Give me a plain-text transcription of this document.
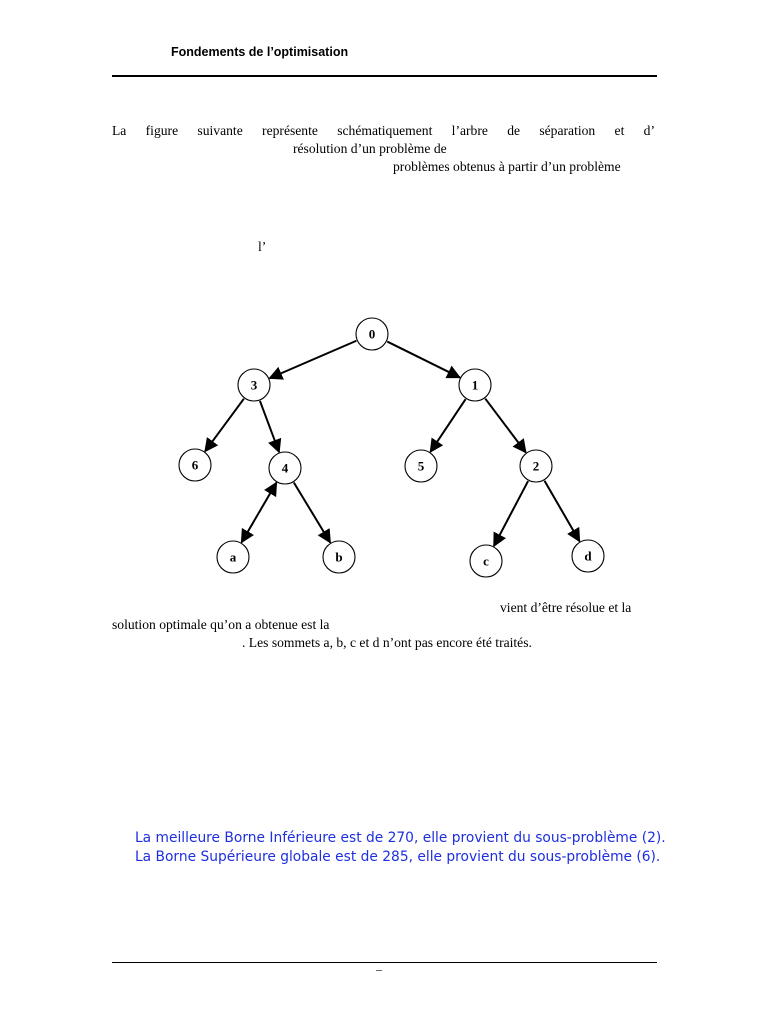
Fondements de l’optimisation
La figure suivante représente schématiquement l’arbre de séparation et d’
résolution d’un problème de
problèmes obtenus à partir d’un problème
l’
0
3	1
6	4	5	2
a	b	c	d
vient d’être résolue et la
solution optimale qu’on a obtenue est la
. Les sommets a, b, c et d n’ont pas encore été traités.
La meilleure Borne Inférieure est de 270, elle provient du sous-problème (2).
La Borne Supérieure globale est de 285, elle provient du sous-problème (6).
–
